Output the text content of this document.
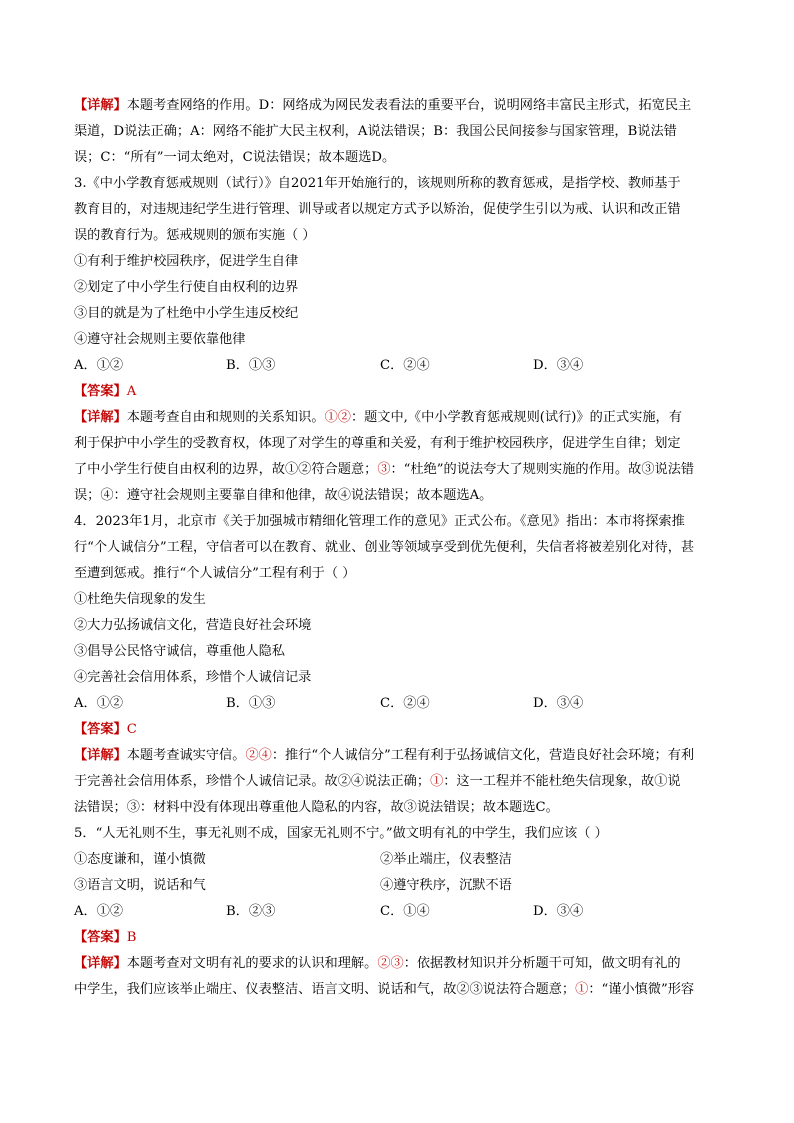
【详解】本题考查网络的作用。D：网络成为网民发表看法的重要平台，说明网络丰富民主形式，拓宽民主
渠道，D说法正确；A：网络不能扩大民主权利，A说法错误；B：我国公民间接参与国家管理，B说法错
误；C：“所有”一词太绝对，C说法错误；故本题选D。
3.《中小学教育惩戒规则（试行）》自2021年开始施行的，该规则所称的教育惩戒，是指学校、教师基于
教育目的，对违规违纪学生进行管理、训导或者以规定方式予以矫治，促使学生引以为戒、认识和改正错
误的教育行为。惩戒规则的颁布实施（ ）
①有利于维护校园秩序，促进学生自律
②划定了中小学生行使自由权利的边界
③目的就是为了杜绝中小学生违反校纪
④遵守社会规则主要依靠他律
A．①②	B．①③	C．②④	D．③④
【答案】A
【详解】本题考查自由和规则的关系知识。①②：题文中,《中小学教育惩戒规则(试行)》的正式实施，有
利于保护中小学生的受教育权，体现了对学生的尊重和关爱，有利于维护校园秩序，促进学生自律；划定
了中小学生行使自由权利的边界，故①②符合题意；③：“杜绝”的说法夸大了规则实施的作用。故③说法错
误；④：遵守社会规则主要靠自律和他律，故④说法错误；故本题选A。
4．2023年1月，北京市《关于加强城市精细化管理工作的意见》正式公布。《意见》指出：本市将探索推
行“个人诚信分”工程，守信者可以在教育、就业、创业等领域享受到优先便利，失信者将被差别化对待，甚
至遭到惩戒。推行“个人诚信分”工程有利于（ ）
①杜绝失信现象的发生
②大力弘扬诚信文化，营造良好社会环境
③倡导公民恪守诚信，尊重他人隐私
④完善社会信用体系，珍惜个人诚信记录
A．①②	B．①③	C．②④	D．③④
【答案】C
【详解】本题考查诚实守信。②④：推行“个人诚信分”工程有利于弘扬诚信文化，营造良好社会环境；有利
于完善社会信用体系，珍惜个人诚信记录。故②④说法正确；①：这一工程并不能杜绝失信现象，故①说
法错误；③：材料中没有体现出尊重他人隐私的内容，故③说法错误；故本题选C。
5．“人无礼则不生，事无礼则不成，国家无礼则不宁。”做文明有礼的中学生，我们应该（ ）
①态度谦和，谨小慎微	②举止端庄，仪表整洁
③语言文明，说话和气	④遵守秩序，沉默不语
A．①②	B．②③	C．①④	D．③④
【答案】B
【详解】本题考查对文明有礼的要求的认识和理解。②③：依据教材知识并分析题干可知，做文明有礼的
中学生，我们应该举止端庄、仪表整洁、语言文明、说话和气，故②③说法符合题意；①：“谨小慎微”形容
